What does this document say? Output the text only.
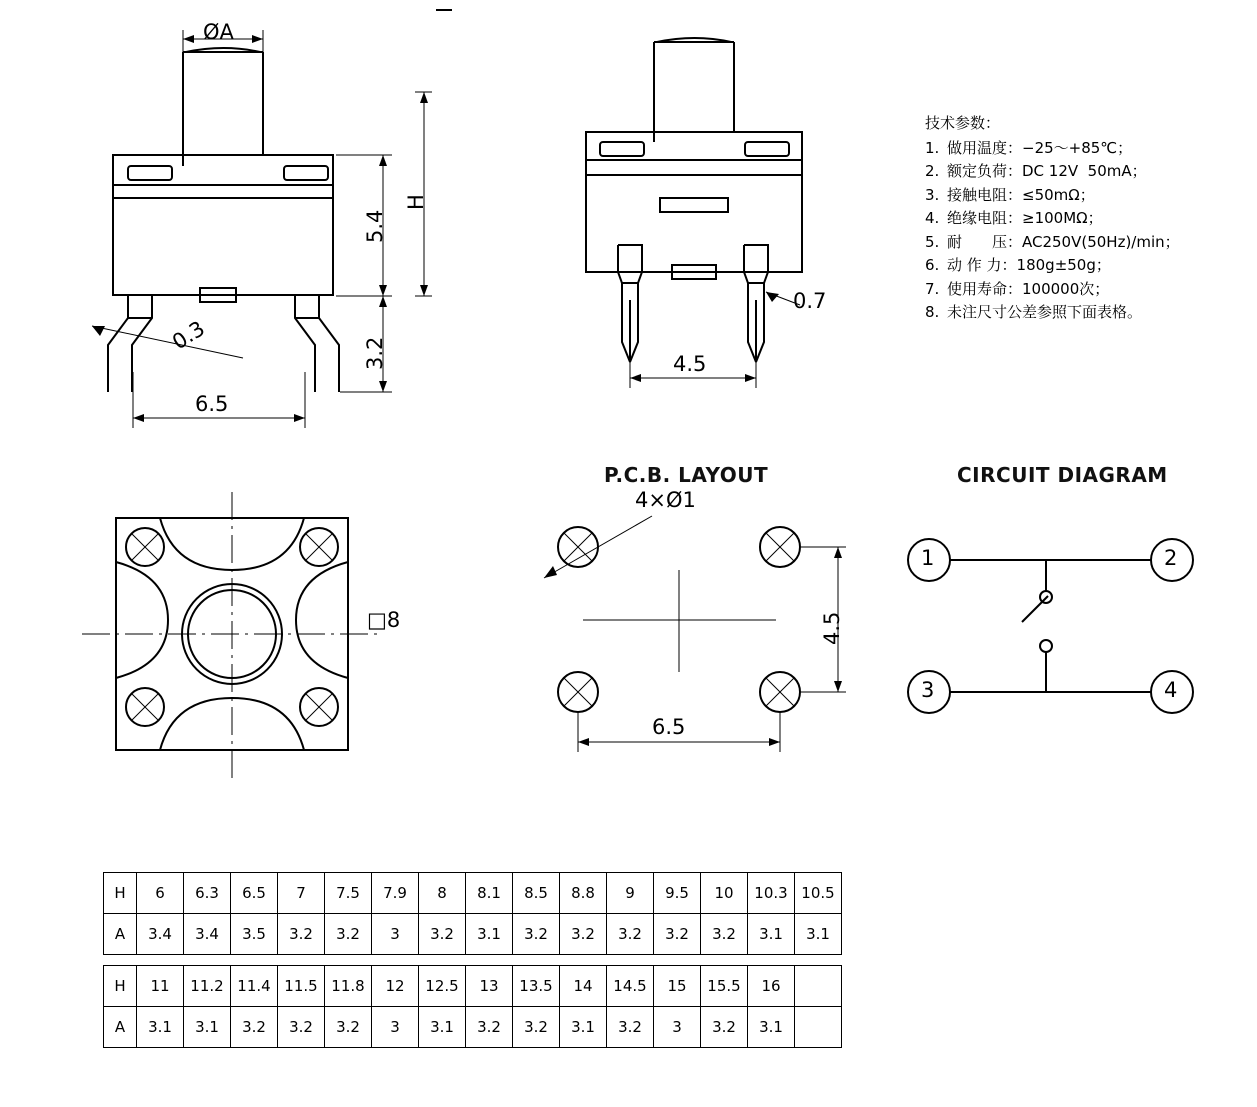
技术参数：
1. 做用温度：−25～+85℃；
2. 额定负荷：DC 12V  50mA；
3. 接触电阻：≤50mΩ；
4. 绝缘电阻：≥100MΩ；
5. 耐　　压：AC250V(50Hz)/min；
6. 动 作 力：180g±50g；
7. 使用寿命：100000次；
8. 未注尺寸公差参照下面表格。
P.C.B. LAYOUT	CIRCUIT DIAGRAM
ØA
H
5.4
3.2
0.3
6.5
0.7
4.5
□8
4×Ø1
4.5
6.5
1	2
3	4
H	6	6.3	6.5	7	7.5	7.9	8	8.1	8.5	8.8	9	9.5	10	10.3	10.5
A	3.4	3.4	3.5	3.2	3.2	3	3.2	3.1	3.2	3.2	3.2	3.2	3.2	3.1	3.1

H	11	11.2	11.4	11.5	11.8	12	12.5	13	13.5	14	14.5	15	15.5	16	
A	3.1	3.1	3.2	3.2	3.2	3	3.1	3.2	3.2	3.1	3.2	3	3.2	3.1	
